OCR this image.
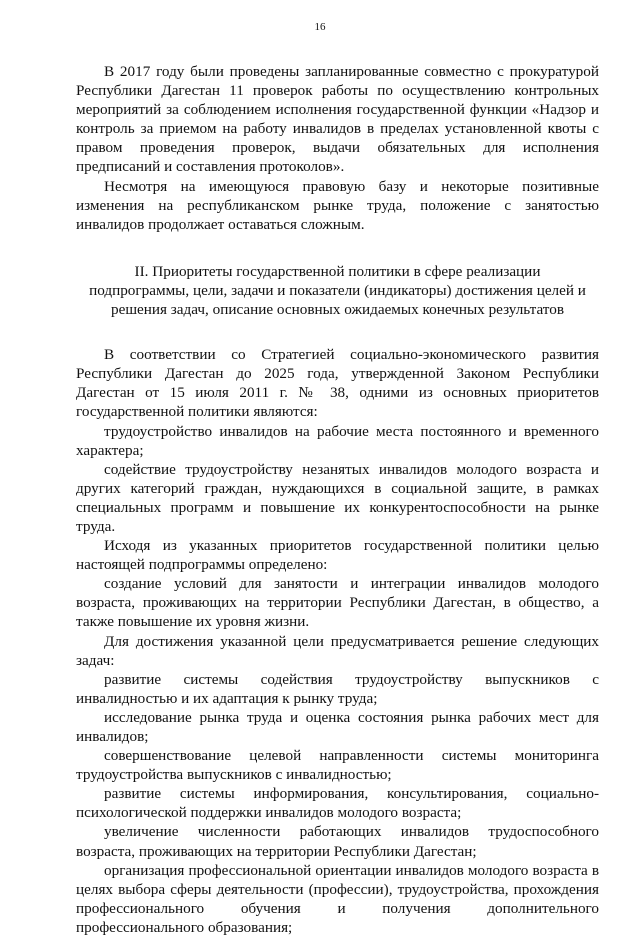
16

В 2017 году были проведены запланированные совместно с прокуратурой Республики Дагестан 11 проверок работы по осуществлению контрольных мероприятий за соблюдением исполнения государственной функции «Надзор и контроль за приемом на работу инвалидов в пределах установленной квоты с правом проведения проверок, выдачи обязательных для исполнения предписаний и составления протоколов».

Несмотря на имеющуюся правовую базу и некоторые позитивные изменения на республиканском рынке труда, положение с занятостью инвалидов продолжает оставаться сложным.

II. Приоритеты государственной политики в сфере реализации подпрограммы, цели, задачи и показатели (индикаторы) достижения целей и решения задач, описание основных ожидаемых конечных результатов

В соответствии со Стратегией социально-экономического развития Республики Дагестан до 2025 года, утвержденной Законом Республики Дагестан от 15 июля 2011 г. № 38, одними из основных приоритетов государственной политики являются:

трудоустройство инвалидов на рабочие места постоянного и временного характера;

содействие трудоустройству незанятых инвалидов молодого возраста и других категорий граждан, нуждающихся в социальной защите, в рамках специальных программ и повышение их конкурентоспособности на рынке труда.

Исходя из указанных приоритетов государственной политики целью настоящей подпрограммы определено:

создание условий для занятости и интеграции инвалидов молодого возраста, проживающих на территории Республики Дагестан, в общество, а также повышение их уровня жизни.

Для достижения указанной цели предусматривается решение следующих задач:

развитие системы содействия трудоустройству выпускников с инвалидностью и их адаптация к рынку труда;

исследование рынка труда и оценка состояния рынка рабочих мест для инвалидов;

совершенствование целевой направленности системы мониторинга трудоустройства выпускников с инвалидностью;

развитие системы информирования, консультирования, социально-психологической поддержки инвалидов молодого возраста;

увеличение численности работающих инвалидов трудоспособного возраста, проживающих на территории Республики Дагестан;

организация профессиональной ориентации инвалидов молодого возраста в целях выбора сферы деятельности (профессии), трудоустройства, прохождения профессионального обучения и получения дополнительного профессионального образования;
